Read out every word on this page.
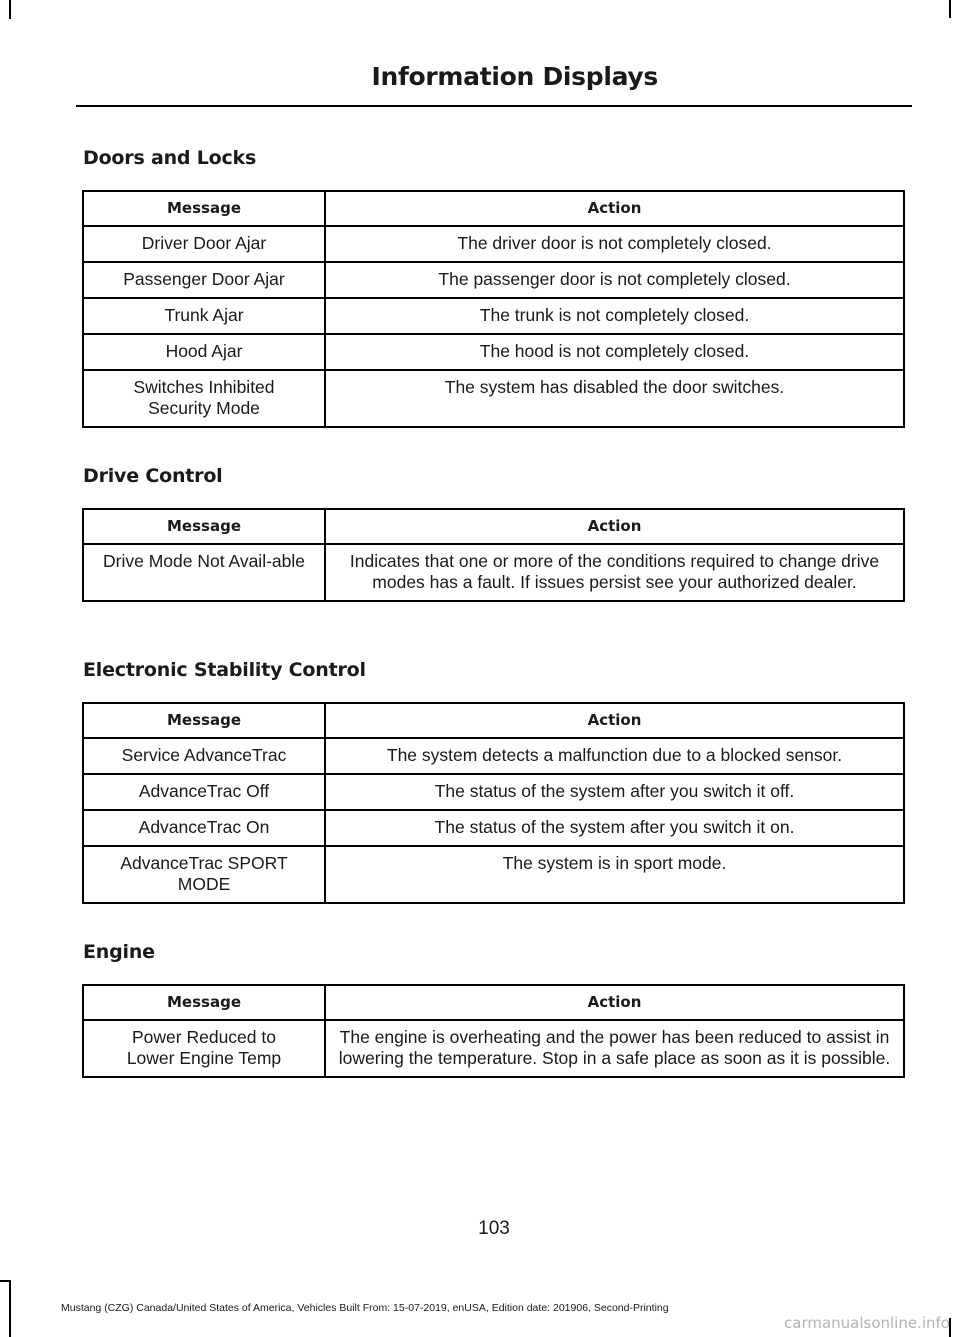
Information Displays
Doors and Locks
Message	Action
Driver Door Ajar	The driver door is not completely closed.
Passenger Door Ajar	The passenger door is not completely closed.
Trunk Ajar	The trunk is not completely closed.
Hood Ajar	The hood is not completely closed.
Switches Inhibited Security Mode	The system has disabled the door switches.
Drive Control
Message	Action
Drive Mode Not Avail-able	Indicates that one or more of the conditions required to change drive modes has a fault. If issues persist see your authorized dealer.
Electronic Stability Control
Message	Action
Service AdvanceTrac	The system detects a malfunction due to a blocked sensor.
AdvanceTrac Off	The status of the system after you switch it off.
AdvanceTrac On	The status of the system after you switch it on.
AdvanceTrac SPORT MODE	The system is in sport mode.
Engine
Message	Action
Power Reduced to Lower Engine Temp	The engine is overheating and the power has been reduced to assist in lowering the temperature. Stop in a safe place as soon as it is possible.
103
Mustang (CZG) Canada/United States of America, Vehicles Built From: 15-07-2019, enUSA, Edition date: 201906, Second-Printing
carmanualsonline.info
